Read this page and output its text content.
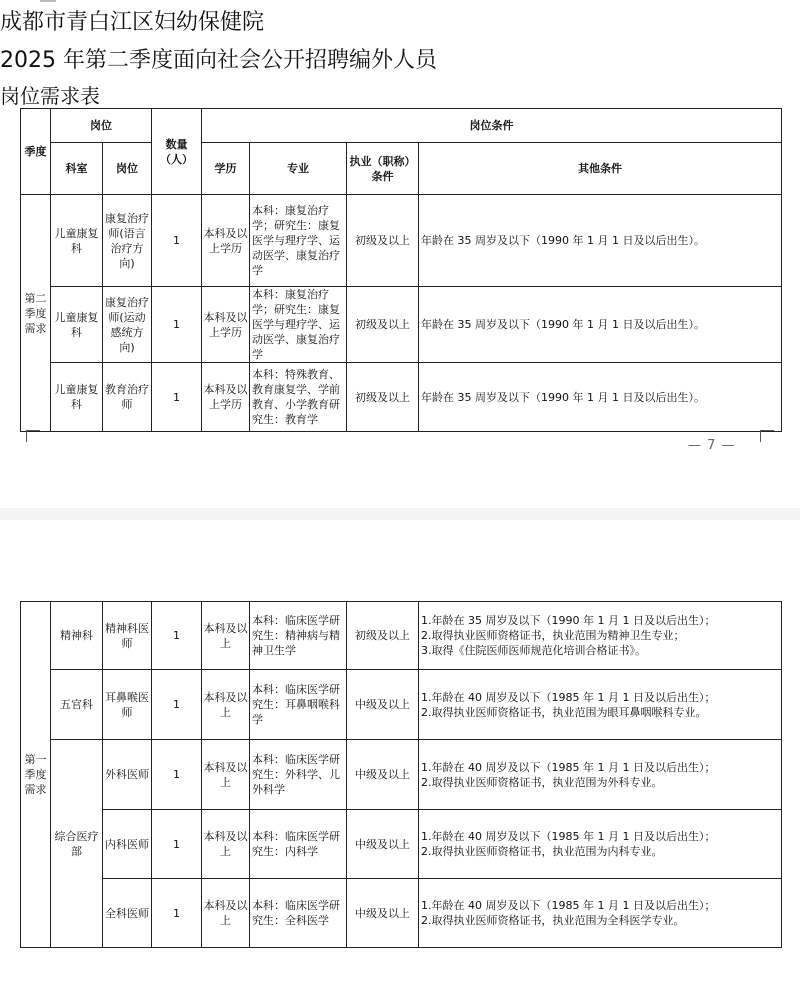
成都市青白江区妇幼保健院
2025 年第二季度面向社会公开招聘编外人员
岗位需求表
季度	岗位		数量（人）	岗位条件			
	科室	岗位		学历	专业	执业（职称）条件	其他条件
第二季度需求	儿童康复科	康复治疗师(语言治疗方向)	1	本科及以上学历	本科：康复治疗学；研究生：康复医学与理疗学、运动医学、康复治疗学	初级及以上	年龄在 35 周岁及以下（1990 年 1 月 1 日及以后出生）。
	儿童康复科	康复治疗师(运动感统方向)	1	本科及以上学历	本科：康复治疗学；研究生：康复医学与理疗学、运动医学、康复治疗学	初级及以上	年龄在 35 周岁及以下（1990 年 1 月 1 日及以后出生）。
	儿童康复科	教育治疗师	1	本科及以上学历	本科：特殊教育、教育康复学、学前教育、小学教育研究生：教育学	初级及以上	年龄在 35 周岁及以下（1990 年 1 月 1 日及以后出生）。
— 7 —
第一季度需求	精神科	精神科医师	1	本科及以上	本科：临床医学研究生：精神病与精神卫生学	初级及以上	1.年龄在 35 周岁及以下（1990 年 1 月 1 日及以后出生）；
2.取得执业医师资格证书，执业范围为精神卫生专业；
3.取得《住院医师医师规范化培训合格证书》。

	五官科	耳鼻喉医师	1	本科及以上	本科：临床医学研究生：耳鼻咽喉科学	中级及以上	1.年龄在 40 周岁及以下（1985 年 1 月 1 日及以后出生）；
2.取得执业医师资格证书，执业范围为眼耳鼻咽喉科专业。

	综合医疗部	外科医师	1	本科及以上	本科：临床医学研究生：外科学、儿外科学	中级及以上	1.年龄在 40 周岁及以下（1985 年 1 月 1 日及以后出生）；
2.取得执业医师资格证书，执业范围为外科专业。

		内科医师	1	本科及以上	本科：临床医学研究生：内科学	中级及以上	1.年龄在 40 周岁及以下（1985 年 1 月 1 日及以后出生）；
2.取得执业医师资格证书，执业范围为内科专业。

		全科医师	1	本科及以上	本科：临床医学研究生：全科医学	中级及以上	1.年龄在 40 周岁及以下（1985 年 1 月 1 日及以后出生）；
2.取得执业医师资格证书，执业范围为全科医学专业。
